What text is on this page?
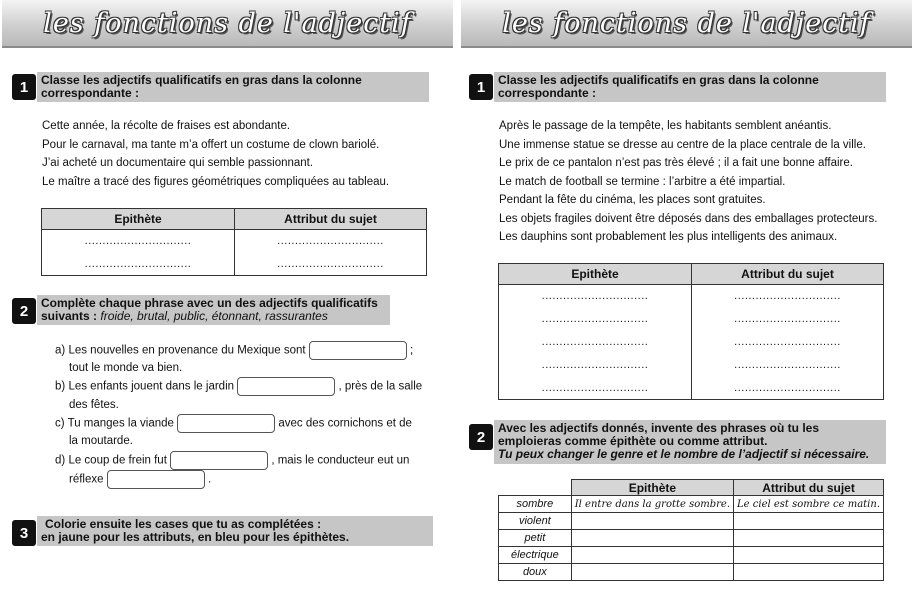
les fonctions de l'adjectif
1	Classe les adjectifs qualificatifs en gras dans la colonne correspondante :
Cette année, la récolte de fraises est abondante.
Pour le carnaval, ma tante m’a offert un costume de clown bariolé.
J’ai acheté un documentaire qui semble passionnant.
Le maître a tracé des figures géométriques compliquées au tableau.
Epithète	Attribut du sujet
..............................	..............................
..............................	..............................
2	Complète chaque phrase avec un des adjectifs qualificatifs suivants : froide, brutal, public, étonnant, rassurantes
a) Les nouvelles en provenance du Mexique sont	;
tout le monde va bien.
b) Les enfants jouent dans le jardin	, près de la salle
des fêtes.
c) Tu manges la viande	avec des cornichons et de
la moutarde.
d) Le coup de frein fut	, mais le conducteur eut un
réflexe	.
3
Colorie ensuite les cases que tu as complétées :
en jaune pour les attributs, en bleu pour les épithètes.
les fonctions de l'adjectif
1	Classe les adjectifs qualificatifs en gras dans la colonne correspondante :
Après le passage de la tempête, les habitants semblent anéantis.
Une immense statue se dresse au centre de la place centrale de la ville.
Le prix de ce pantalon n’est pas très élevé ; il a fait une bonne affaire.
Le match de football se termine : l’arbitre a été impartial.
Pendant la fête du cinéma, les places sont gratuites.
Les objets fragiles doivent être déposés dans des emballages protecteurs.
Les dauphins sont probablement les plus intelligents des animaux.
Epithète	Attribut du sujet
..............................	..............................
..............................	..............................
..............................	..............................
..............................	..............................
..............................	..............................
2
Avec les adjectifs donnés, invente des phrases où tu les emploieras comme épithète ou comme attribut.
Tu peux changer le genre et le nombre de l’adjectif si nécessaire.
	Epithète	Attribut du sujet
sombre	Il entre dans la grotte sombre.	Le ciel est sombre ce matin.
violent		
petit		
électrique		
doux		
